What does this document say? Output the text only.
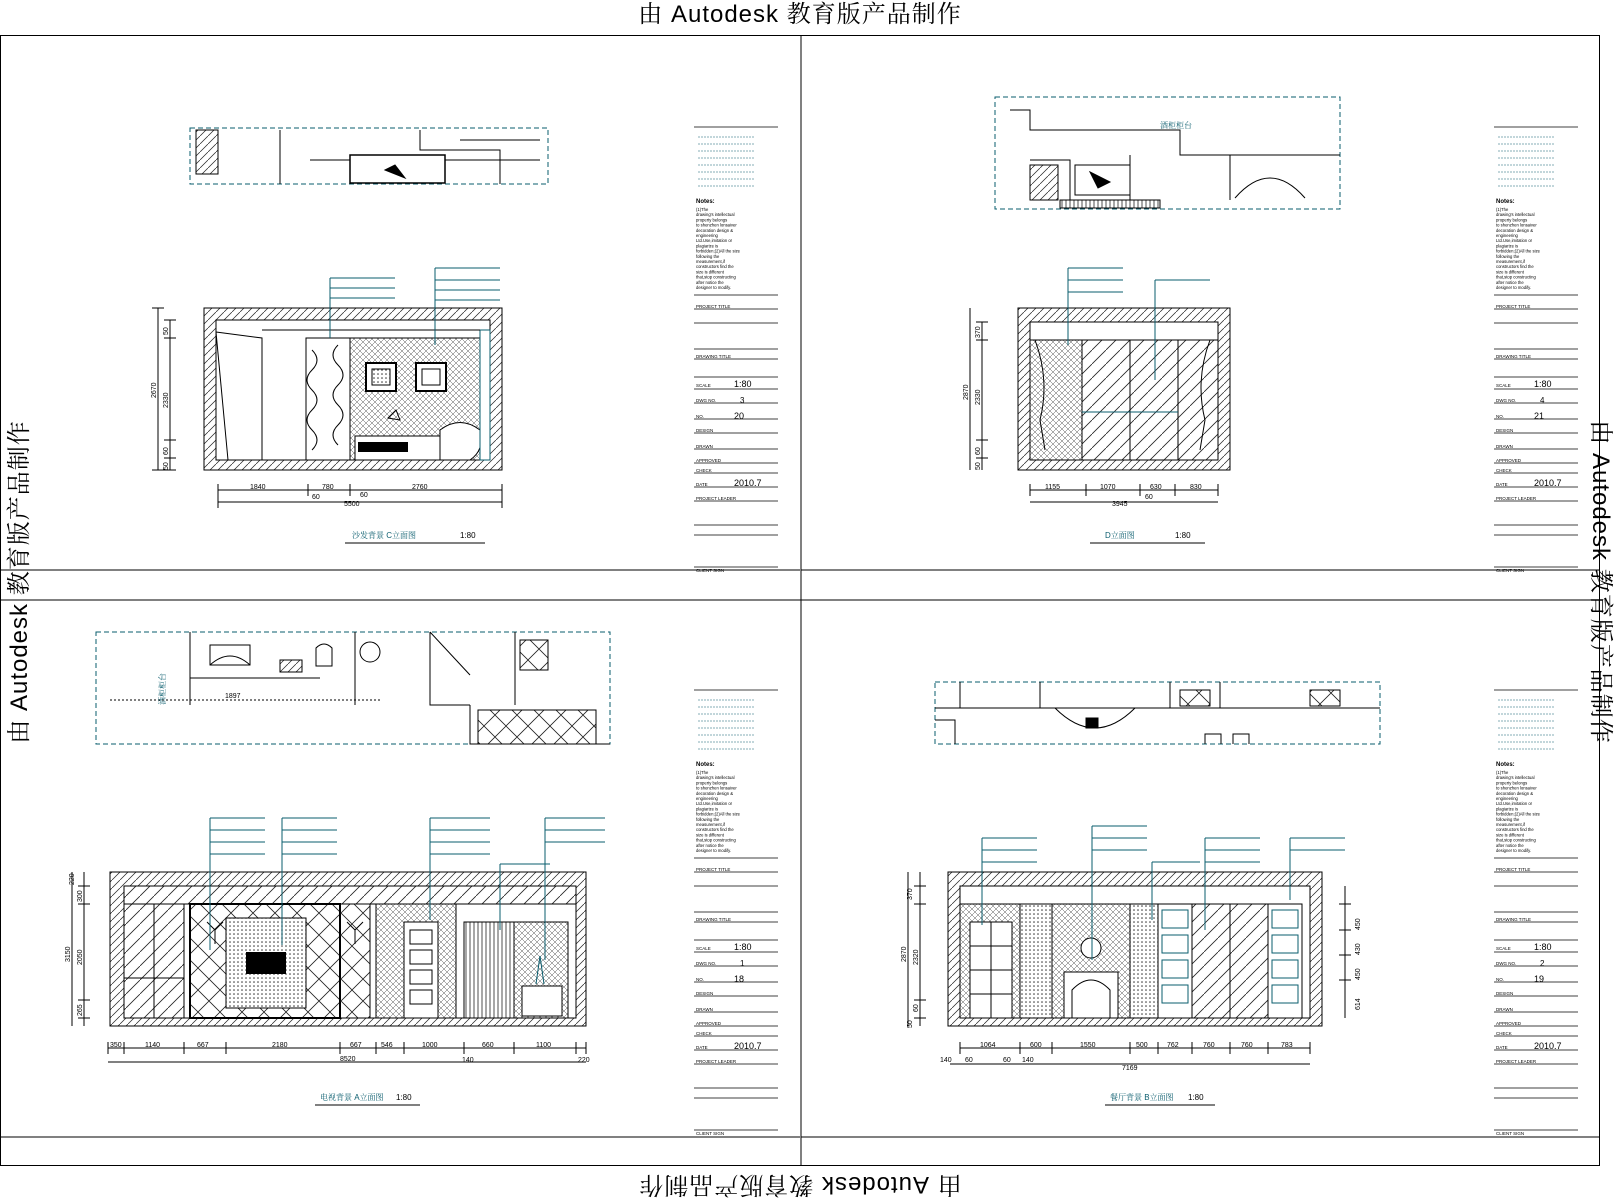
1840	780	2760
60	60
5500
2670
50
2330
60
50
沙发背景 C立面图	1:80
酒柜柜台
1155	1070	630	830
60
3945
2870
370
2330
60
50
D立面图	1:80
酒柜柜台	1897
350	1140	667	2180	667	546	1000	660	1100
220
140
8520
3150
220
300
2050
265
电视背景 A立面图 1:80
1064	600	1550	500	762	760	760	783
140 60	60 140
7169
2870
370
2320
60
50
450
430
450
614
餐厅背景 B立面图 1:80
Notes:
(1)The
drawing's intellectual
property belongs
to shenzhen lonsaiver
decoration design &
engineering
Ltd.Use,imitation or
plagiarize is
forbidden;(2)All the size
following the
measurement,if
constructors find the
size is different
that,stop constructing
after notice the
designer to modify.
PROJECT TITLE
DRAWING TITLE
SCALE	1:80
DWG NO.	3
NO.	20
DESIGN
DRAWN
APPROVED
CHECK
DATE	2010.7
PROJECT LEADER
CLIENT SIGN
Notes:
(1)The
drawing's intellectual
property belongs
to shenzhen lonsaiver
decoration design &
engineering
Ltd.Use,imitation or
plagiarize is
forbidden;(2)All the size
following the
measurement,if
constructors find the
size is different
that,stop constructing
after notice the
designer to modify.
PROJECT TITLE
DRAWING TITLE
SCALE	1:80
DWG NO.	4
NO.	21
DESIGN
DRAWN
APPROVED
CHECK
DATE	2010.7
PROJECT LEADER
CLIENT SIGN
Notes:
(1)The
drawing's intellectual
property belongs
to shenzhen lonsaiver
decoration design &
engineering
Ltd.Use,imitation or
plagiarize is
forbidden;(2)All the size
following the
measurement,if
constructors find the
size is different
that,stop constructing
after notice the
designer to modify.
PROJECT TITLE
DRAWING TITLE
SCALE	1:80
DWG NO.	1
NO.	18
DESIGN
DRAWN
APPROVED
CHECK
DATE	2010.7
PROJECT LEADER
CLIENT SIGN
Notes:
(1)The
drawing's intellectual
property belongs
to shenzhen lonsaiver
decoration design &
engineering
Ltd.Use,imitation or
plagiarize is
forbidden;(2)All the size
following the
measurement,if
constructors find the
size is different
that,stop constructing
after notice the
designer to modify.
PROJECT TITLE
DRAWING TITLE
SCALE	1:80
DWG NO.	2
NO.	19
DESIGN
DRAWN
APPROVED
CHECK
DATE	2010.7
PROJECT LEADER
CLIENT SIGN
由 Autodesk 教育版产品制作
由 Autodesk 教育版产品制作
由 Autodesk 教育版产品制作	由 Autodesk 教育版产品制作
